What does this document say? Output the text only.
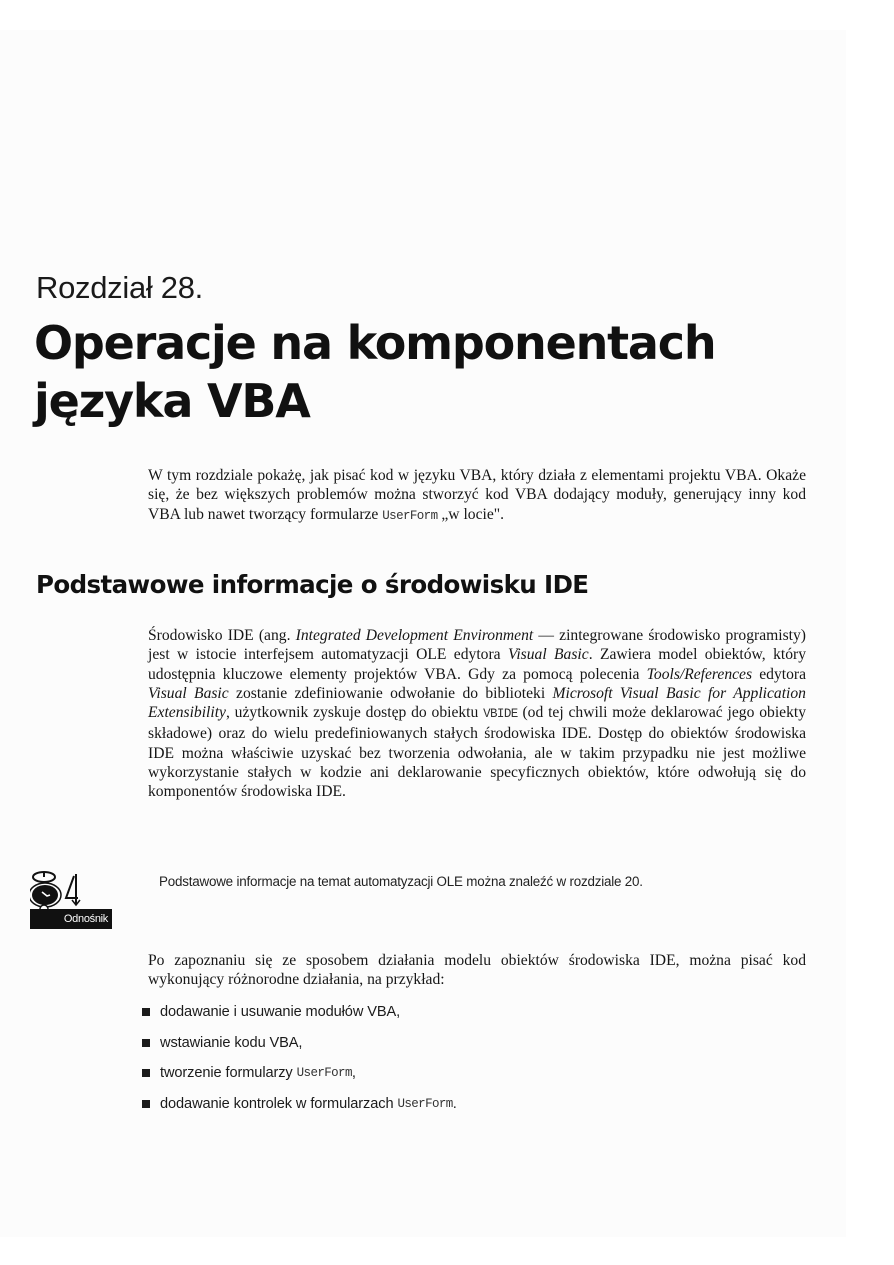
Rozdział 28.
Operacje na komponentach języka VBA

W tym rozdziale pokażę, jak pisać kod w języku VBA, który działa z elementami projektu VBA. Okaże się, że bez większych problemów można stworzyć kod VBA dodający moduły, generujący inny kod VBA lub nawet tworzący formularze UserForm „w locie".

Podstawowe informacje o środowisku IDE

Środowisko IDE (ang. Integrated Development Environment — zintegrowane środowisko programisty) jest w istocie interfejsem automatyzacji OLE edytora Visual Basic. Zawiera model obiektów, który udostępnia kluczowe elementy projektów VBA. Gdy za pomocą polecenia Tools/References edytora Visual Basic zostanie zdefiniowanie odwołanie do biblioteki Microsoft Visual Basic for Application Extensibility, użytkownik zyskuje dostęp do obiektu VBIDE (od tej chwili może deklarować jego obiekty składowe) oraz do wielu predefiniowanych stałych środowiska IDE. Dostęp do obiektów środowiska IDE można właściwie uzyskać bez tworzenia odwołania, ale w takim przypadku nie jest możliwe wykorzystanie stałych w kodzie ani deklarowanie specyficznych obiektów, które odwołują się do komponentów środowiska IDE.

Odnośnik

Podstawowe informacje na temat automatyzacji OLE można znaleźć w rozdziale 20.

Po zapoznaniu się ze sposobem działania modelu obiektów środowiska IDE, można pisać kod wykonujący różnorodne działania, na przykład:

dodawanie i usuwanie modułów VBA,
wstawianie kodu VBA,
tworzenie formularzy UserForm ,
dodawanie kontrolek w formularzach UserForm .
